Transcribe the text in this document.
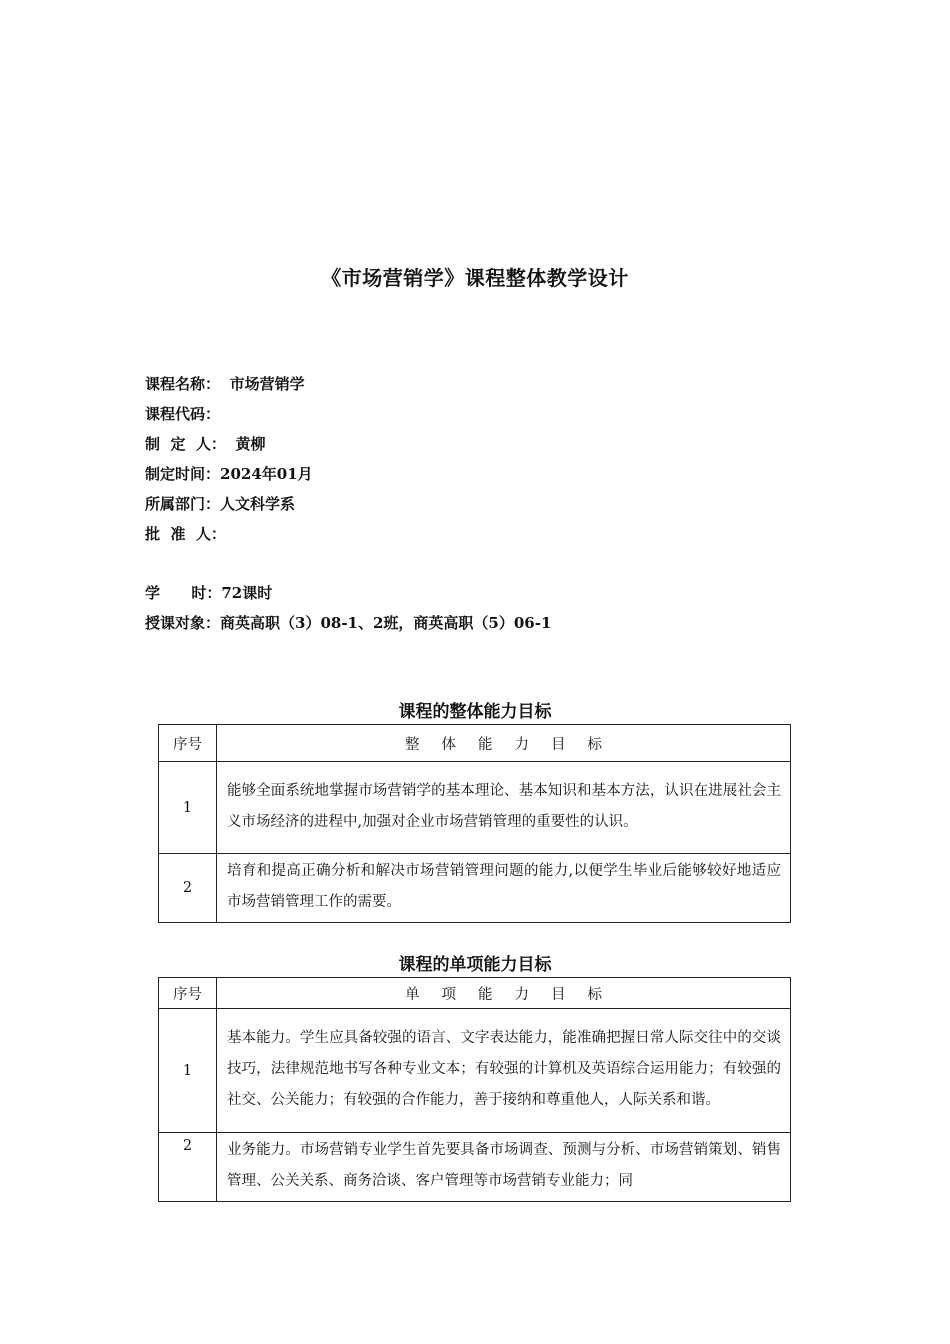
《市场营销学》课程整体教学设计
课程名称： 市场营销学
课程代码：
制  定  人： 黄柳
制定时间：2024年01月
所属部门：人文科学系
批  准  人：
学      时：72课时
授课对象：商英高职（3）08-1、2班，商英高职（5）06-1
课程的整体能力目标
序号	整 体 能 力 目 标
1	能够全面系统地掌握市场营销学的基本理论、基本知识和基本方法，认识在进展社会主义市场经济的进程中,加强对企业市场营销管理的重要性的认识。
2	培育和提高正确分析和解决市场营销管理问题的能力,以便学生毕业后能够较好地适应市场营销管理工作的需要。
课程的单项能力目标
序号	单 项 能 力 目 标
1	基本能力。学生应具备较强的语言、文字表达能力，能准确把握日常人际交往中的交谈技巧，法律规范地书写各种专业文本；有较强的计算机及英语综合运用能力；有较强的社交、公关能力；有较强的合作能力，善于接纳和尊重他人，人际关系和谐。
2	业务能力。市场营销专业学生首先要具备市场调查、预测与分析、市场营销策划、销售管理、公关关系、商务洽谈、客户管理等市场营销专业能力；同
